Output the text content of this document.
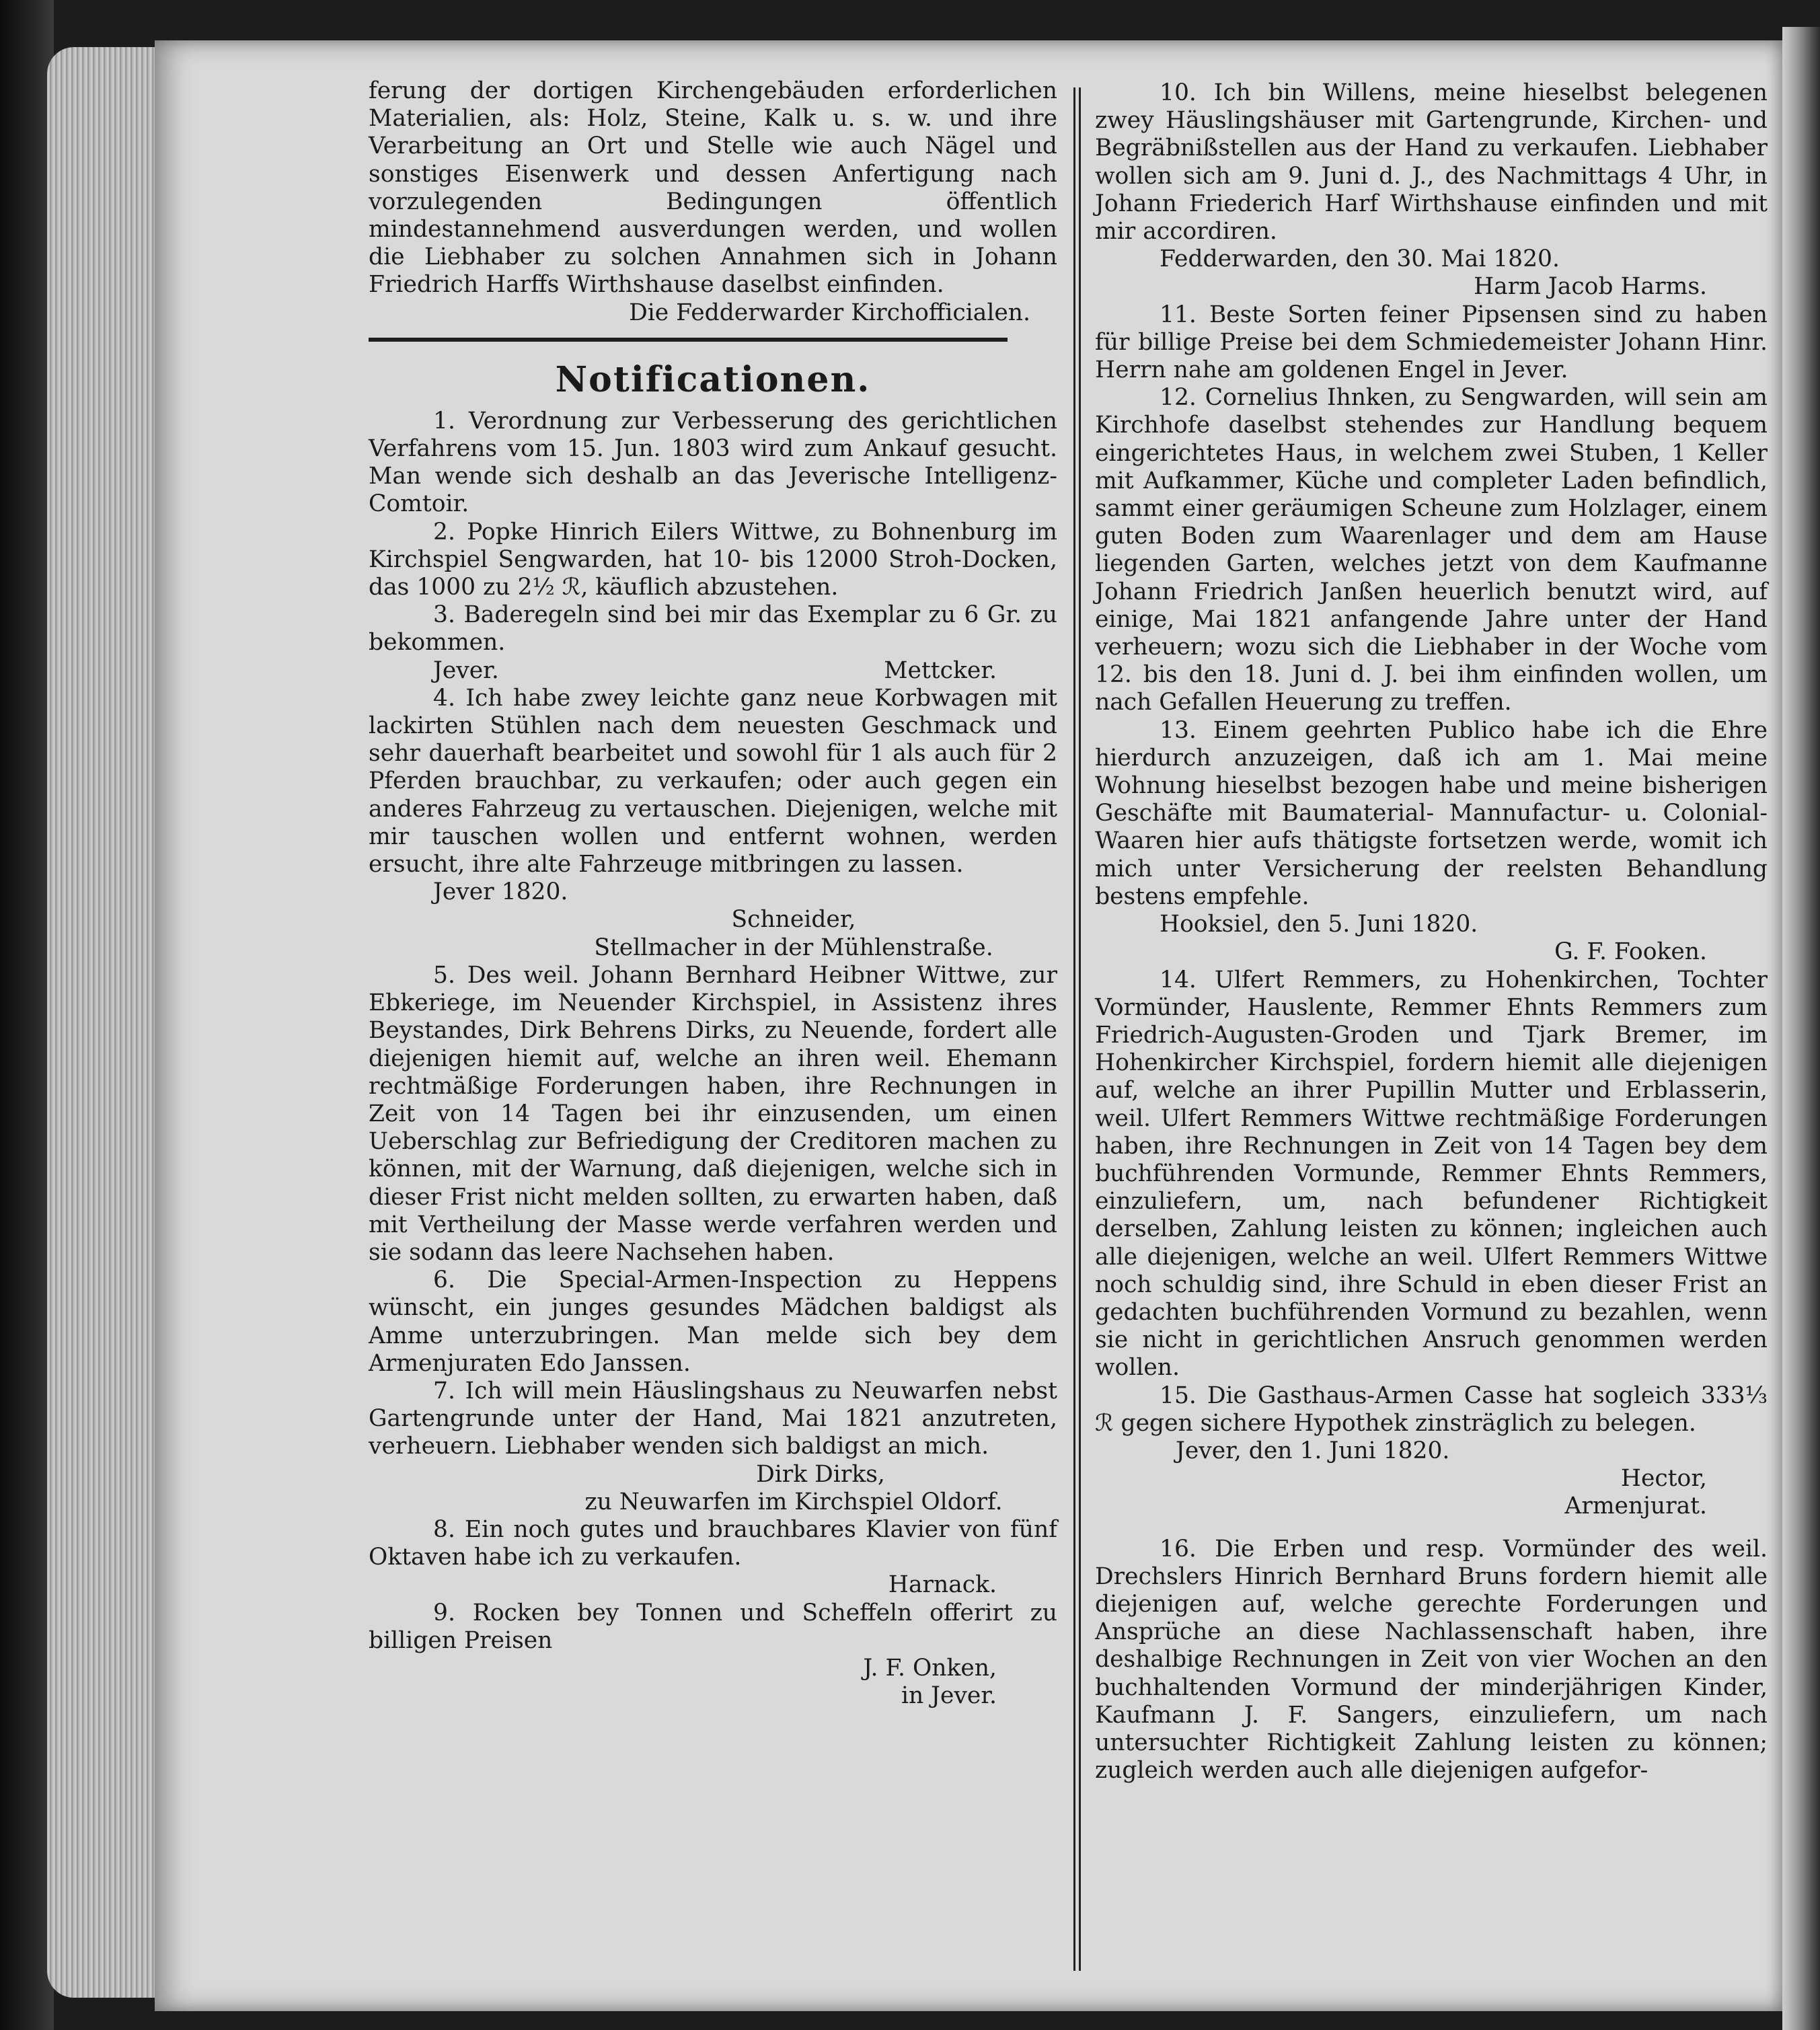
ferung der dortigen Kirchengebäuden erforderlichen Materialien, als: Holz, Steine, Kalk u. s. w. und ihre Verarbeitung an Ort und Stelle wie auch Nägel und sonstiges Eisenwerk und dessen Anfertigung nach vorzulegenden Bedingungen öffentlich mindestannehmend ausverdungen werden, und wollen die Liebhaber zu solchen Annahmen sich in Johann Friedrich Harffs Wirthshause daselbst einfinden.

Die Fedderwarder Kirchofficialen.

Notificationen.

1. Verordnung zur Verbesserung des gerichtlichen Verfahrens vom 15. Jun. 1803 wird zum Ankauf gesucht. Man wende sich deshalb an das Jeverische Intelligenz-Comtoir.

2. Popke Hinrich Eilers Wittwe, zu Bohnenburg im Kirchspiel Sengwarden, hat 10- bis 12000 Stroh-Docken, das 1000 zu 2½ ℛ, käuflich abzustehen.

3. Baderegeln sind bei mir das Exemplar zu 6 Gr. zu bekommen.

Jever.	Mettcker.

4. Ich habe zwey leichte ganz neue Korbwagen mit lackirten Stühlen nach dem neuesten Geschmack und sehr dauerhaft bearbeitet und sowohl für 1 als auch für 2 Pferden brauchbar, zu verkaufen; oder auch gegen ein anderes Fahrzeug zu vertauschen. Diejenigen, welche mit mir tauschen wollen und entfernt wohnen, werden ersucht, ihre alte Fahrzeuge mitbringen zu lassen.

Jever 1820.

Schneider,

Stellmacher in der Mühlenstraße.

5. Des weil. Johann Bernhard Heibner Wittwe, zur Ebkeriege, im Neuender Kirchspiel, in Assistenz ihres Beystandes, Dirk Behrens Dirks, zu Neuende, fordert alle diejenigen hiemit auf, welche an ihren weil. Ehemann rechtmäßige Forderungen haben, ihre Rechnungen in Zeit von 14 Tagen bei ihr einzusenden, um einen Ueberschlag zur Befriedigung der Creditoren machen zu können, mit der Warnung, daß diejenigen, welche sich in dieser Frist nicht melden sollten, zu erwarten haben, daß mit Vertheilung der Masse werde verfahren werden und sie sodann das leere Nachsehen haben.

6. Die Special-Armen-Inspection zu Heppens wünscht, ein junges gesundes Mädchen baldigst als Amme unterzubringen. Man melde sich bey dem Armenjuraten Edo Janssen.

7. Ich will mein Häuslingshaus zu Neuwarfen nebst Gartengrunde unter der Hand, Mai 1821 anzutreten, verheuern. Liebhaber wenden sich baldigst an mich.

Dirk Dirks,

zu Neuwarfen im Kirchspiel Oldorf.

8. Ein noch gutes und brauchbares Klavier von fünf Oktaven habe ich zu verkaufen.

Harnack.

9. Rocken bey Tonnen und Scheffeln offerirt zu billigen Preisen

J. F. Onken,

in Jever.

10. Ich bin Willens, meine hieselbst belegenen zwey Häuslingshäuser mit Gartengrunde, Kirchen- und Begräbnißstellen aus der Hand zu verkaufen. Liebhaber wollen sich am 9. Juni d. J., des Nachmittags 4 Uhr, in Johann Friederich Harf Wirthshause einfinden und mit mir accordiren.

Fedderwarden, den 30. Mai 1820.

Harm Jacob Harms.

11. Beste Sorten feiner Pipsensen sind zu haben für billige Preise bei dem Schmiedemeister Johann Hinr. Herrn nahe am goldenen Engel in Jever.

12. Cornelius Ihnken, zu Sengwarden, will sein am Kirchhofe daselbst stehendes zur Handlung bequem eingerichtetes Haus, in welchem zwei Stuben, 1 Keller mit Aufkammer, Küche und completer Laden befindlich, sammt einer geräumigen Scheune zum Holzlager, einem guten Boden zum Waarenlager und dem am Hause liegenden Garten, welches jetzt von dem Kaufmanne Johann Friedrich Janßen heuerlich benutzt wird, auf einige, Mai 1821 anfangende Jahre unter der Hand verheuern; wozu sich die Liebhaber in der Woche vom 12. bis den 18. Juni d. J. bei ihm einfinden wollen, um nach Gefallen Heuerung zu treffen.

13. Einem geehrten Publico habe ich die Ehre hierdurch anzuzeigen, daß ich am 1. Mai meine Wohnung hieselbst bezogen habe und meine bisherigen Geschäfte mit Baumaterial- Mannufactur- u. Colonial-Waaren hier aufs thätigste fortsetzen werde, womit ich mich unter Versicherung der reelsten Behandlung bestens empfehle.

Hooksiel, den 5. Juni 1820.

G. F. Fooken.

14. Ulfert Remmers, zu Hohenkirchen, Tochter Vormünder, Hauslente, Remmer Ehnts Remmers zum Friedrich-Augusten-Groden und Tjark Bremer, im Hohenkircher Kirchspiel, fordern hiemit alle diejenigen auf, welche an ihrer Pupillin Mutter und Erblasserin, weil. Ulfert Remmers Wittwe rechtmäßige Forderungen haben, ihre Rechnungen in Zeit von 14 Tagen bey dem buchführenden Vormunde, Remmer Ehnts Remmers, einzuliefern, um, nach befundener Richtigkeit derselben, Zahlung leisten zu können; ingleichen auch alle diejenigen, welche an weil. Ulfert Remmers Wittwe noch schuldig sind, ihre Schuld in eben dieser Frist an gedachten buchführenden Vormund zu bezahlen, wenn sie nicht in gerichtlichen Ansruch genommen werden wollen.

15. Die Gasthaus-Armen Casse hat sogleich 333⅓ ℛ gegen sichere Hypothek zinsträglich zu belegen.

Jever, den 1. Juni 1820.

Hector,

Armenjurat.

16. Die Erben und resp. Vormünder des weil. Drechslers Hinrich Bernhard Bruns fordern hiemit alle diejenigen auf, welche gerechte Forderungen und Ansprüche an diese Nachlassenschaft haben, ihre deshalbige Rechnungen in Zeit von vier Wochen an den buchhaltenden Vormund der minderjährigen Kinder, Kaufmann J. F. Sangers, einzuliefern, um nach untersuchter Richtigkeit Zahlung leisten zu können; zugleich werden auch alle diejenigen aufgefor-
